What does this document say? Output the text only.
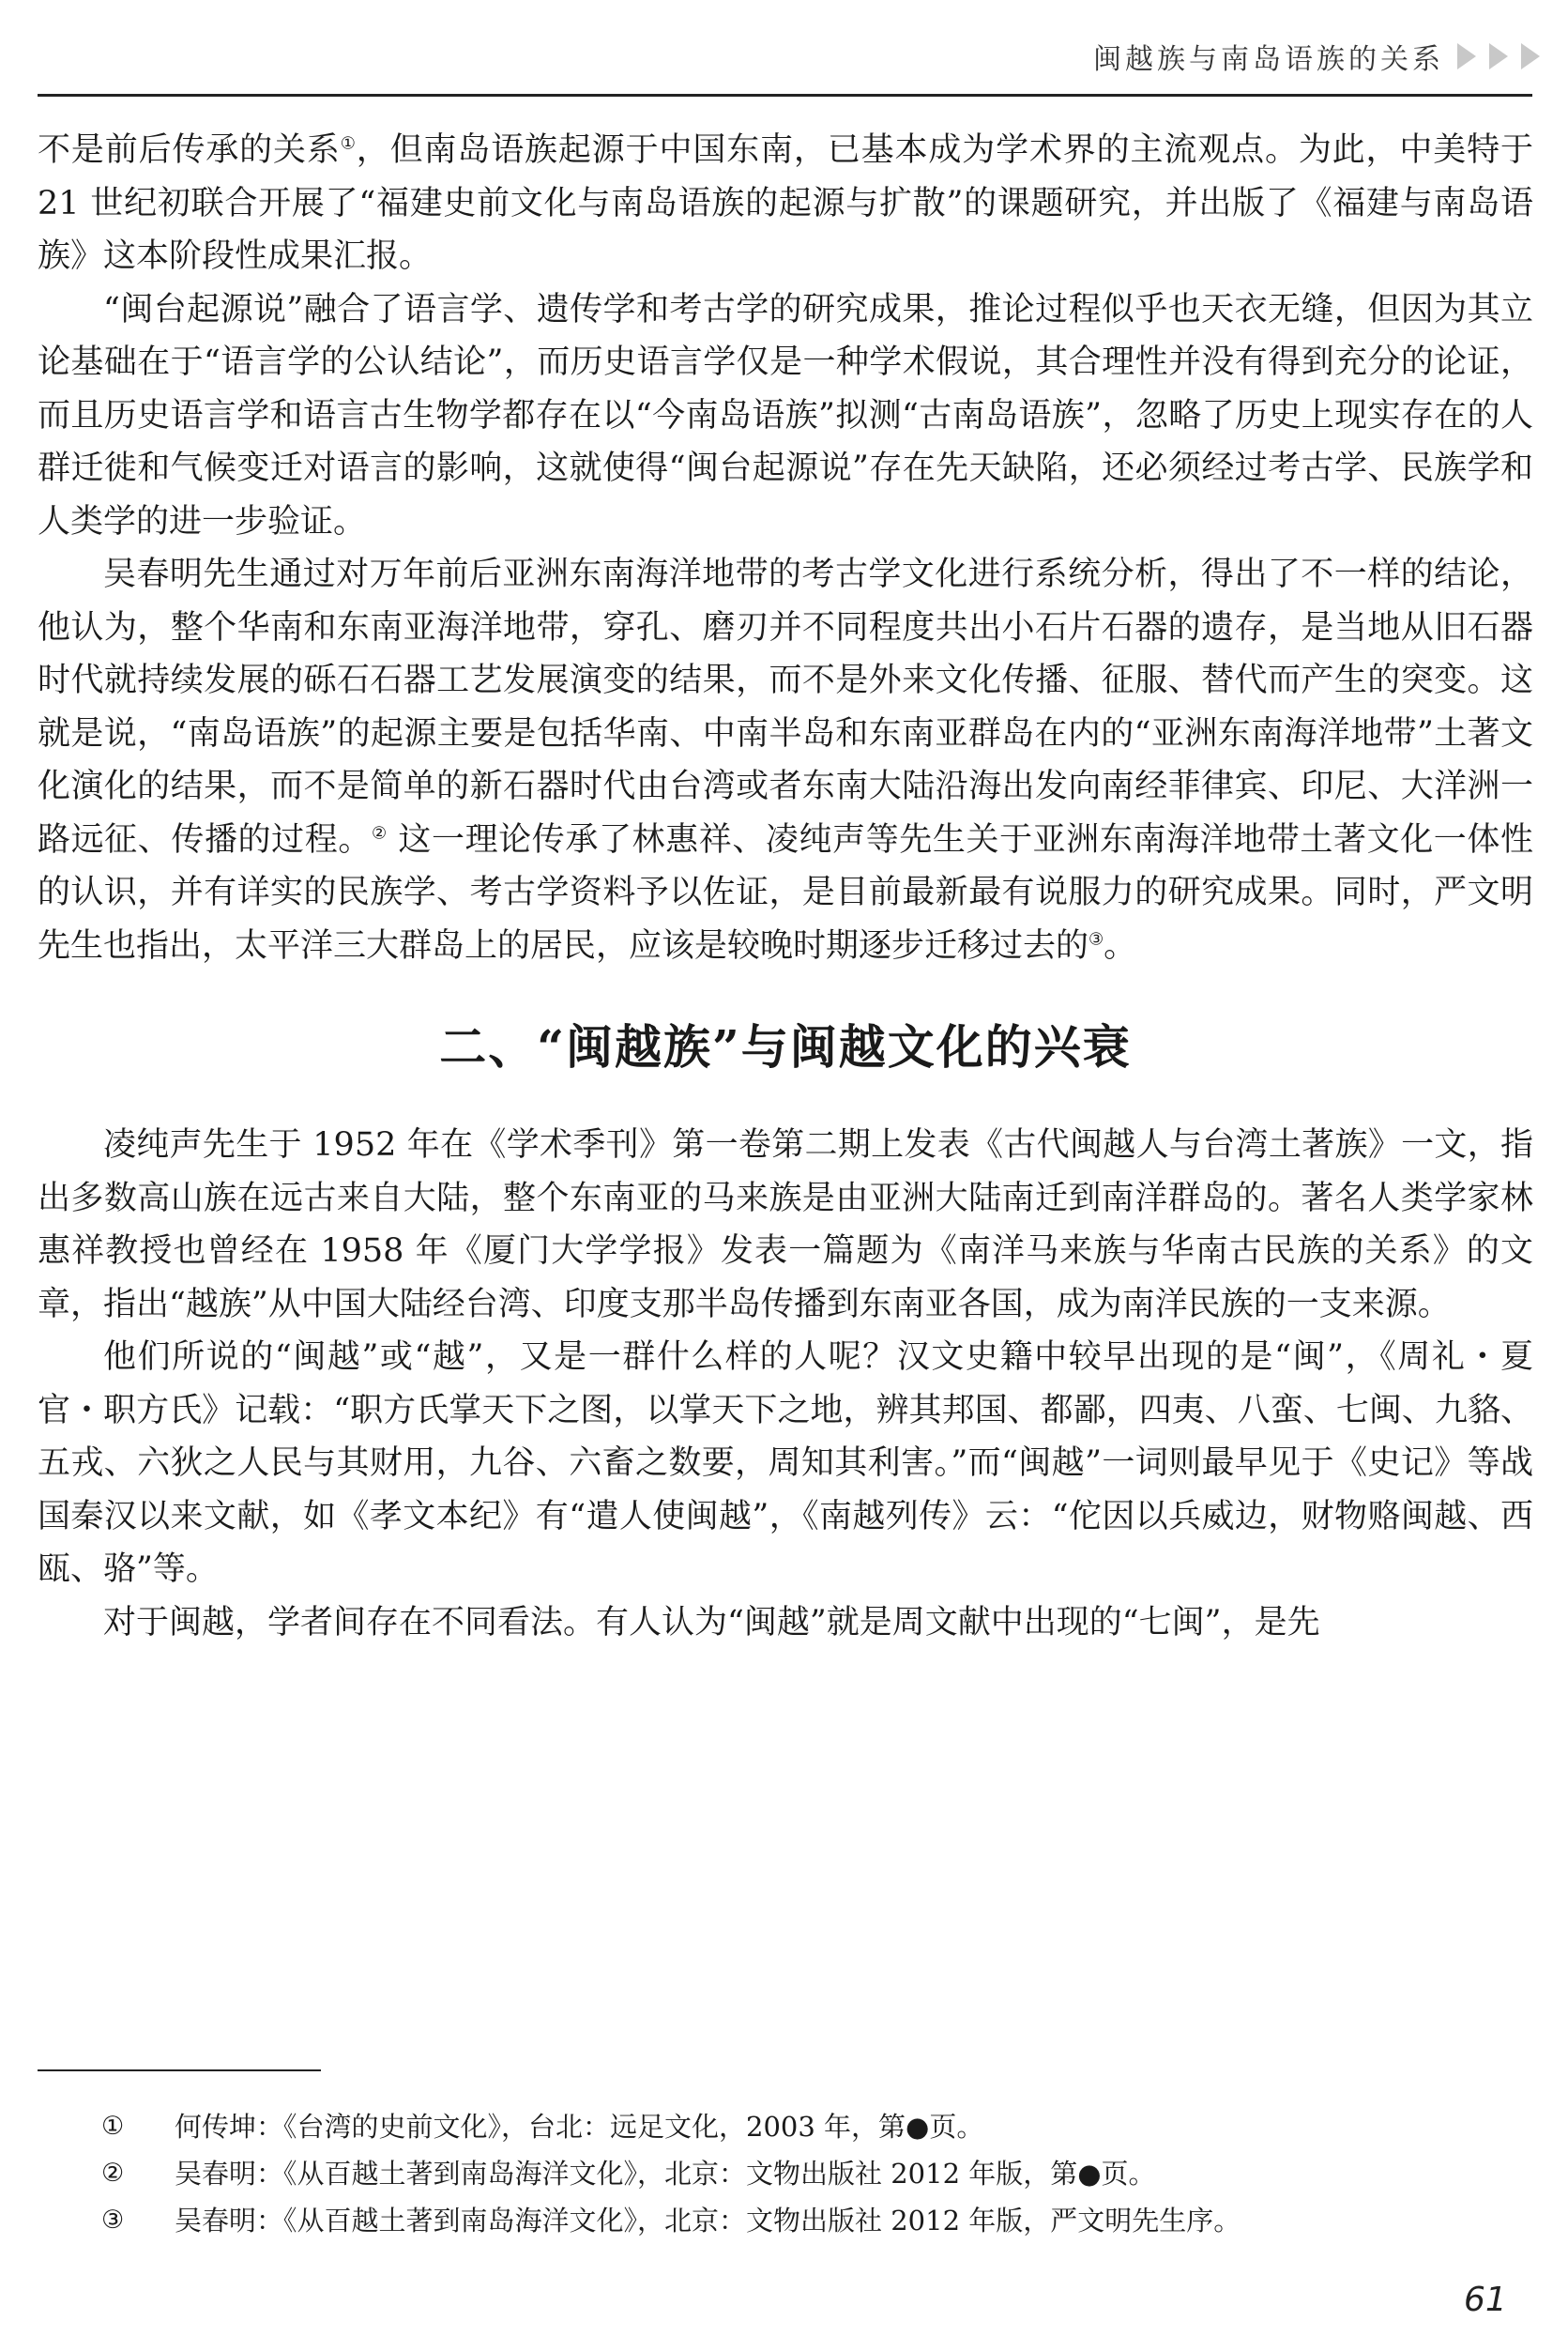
闽越族与南岛语族的关系

不是前后传承的关系①，但南岛语族起源于中国东南，已基本成为学术界的主流观点。为此，中美特于 21 世纪初联合开展了“福建史前文化与南岛语族的起源与扩散”的课题研究，并出版了《福建与南岛语族》这本阶段性成果汇报。

“闽台起源说”融合了语言学、遗传学和考古学的研究成果，推论过程似乎也天衣无缝，但因为其立论基础在于“语言学的公认结论”，而历史语言学仅是一种学术假说，其合理性并没有得到充分的论证，而且历史语言学和语言古生物学都存在以“今南岛语族”拟测“古南岛语族”，忽略了历史上现实存在的人群迁徙和气候变迁对语言的影响，这就使得“闽台起源说”存在先天缺陷，还必须经过考古学、民族学和人类学的进一步验证。

吴春明先生通过对万年前后亚洲东南海洋地带的考古学文化进行系统分析，得出了不一样的结论，他认为，整个华南和东南亚海洋地带，穿孔、磨刃并不同程度共出小石片石器的遗存，是当地从旧石器时代就持续发展的砾石石器工艺发展演变的结果，而不是外来文化传播、征服、替代而产生的突变。这就是说，“南岛语族”的起源主要是包括华南、中南半岛和东南亚群岛在内的“亚洲东南海洋地带”土著文化演化的结果，而不是简单的新石器时代由台湾或者东南大陆沿海出发向南经菲律宾、印尼、大洋洲一路远征、传播的过程。② 这一理论传承了林惠祥、凌纯声等先生关于亚洲东南海洋地带土著文化一体性的认识，并有详实的民族学、考古学资料予以佐证，是目前最新最有说服力的研究成果。同时，严文明先生也指出，太平洋三大群岛上的居民，应该是较晚时期逐步迁移过去的③。

二、“闽越族”与闽越文化的兴衰

凌纯声先生于 1952 年在《学术季刊》第一卷第二期上发表《古代闽越人与台湾土著族》一文，指出多数高山族在远古来自大陆，整个东南亚的马来族是由亚洲大陆南迁到南洋群岛的。著名人类学家林惠祥教授也曾经在 1958 年《厦门大学学报》发表一篇题为《南洋马来族与华南古民族的关系》的文章，指出“越族”从中国大陆经台湾、印度支那半岛传播到东南亚各国，成为南洋民族的一支来源。

他们所说的“闽越”或“越”，又是一群什么样的人呢？汉文史籍中较早出现的是“闽”，《周礼・夏官・职方氏》记载：“职方氏掌天下之图，以掌天下之地，辨其邦国、都鄙，四夷、八蛮、七闽、九貉、五戎、六狄之人民与其财用，九谷、六畜之数要，周知其利害。”而“闽越”一词则最早见于《史记》等战国秦汉以来文献，如《孝文本纪》有“遣人使闽越”，《南越列传》云：“佗因以兵威边，财物赂闽越、西瓯、骆”等。

对于闽越，学者间存在不同看法。有人认为“闽越”就是周文献中出现的“七闽”，是先

①	何传坤：《台湾的史前文化》，台北：远足文化，2003 年，第●页。
②	吴春明：《从百越土著到南岛海洋文化》，北京：文物出版社 2012 年版，第●页。
③	吴春明：《从百越土著到南岛海洋文化》，北京：文物出版社 2012 年版，严文明先生序。
61
